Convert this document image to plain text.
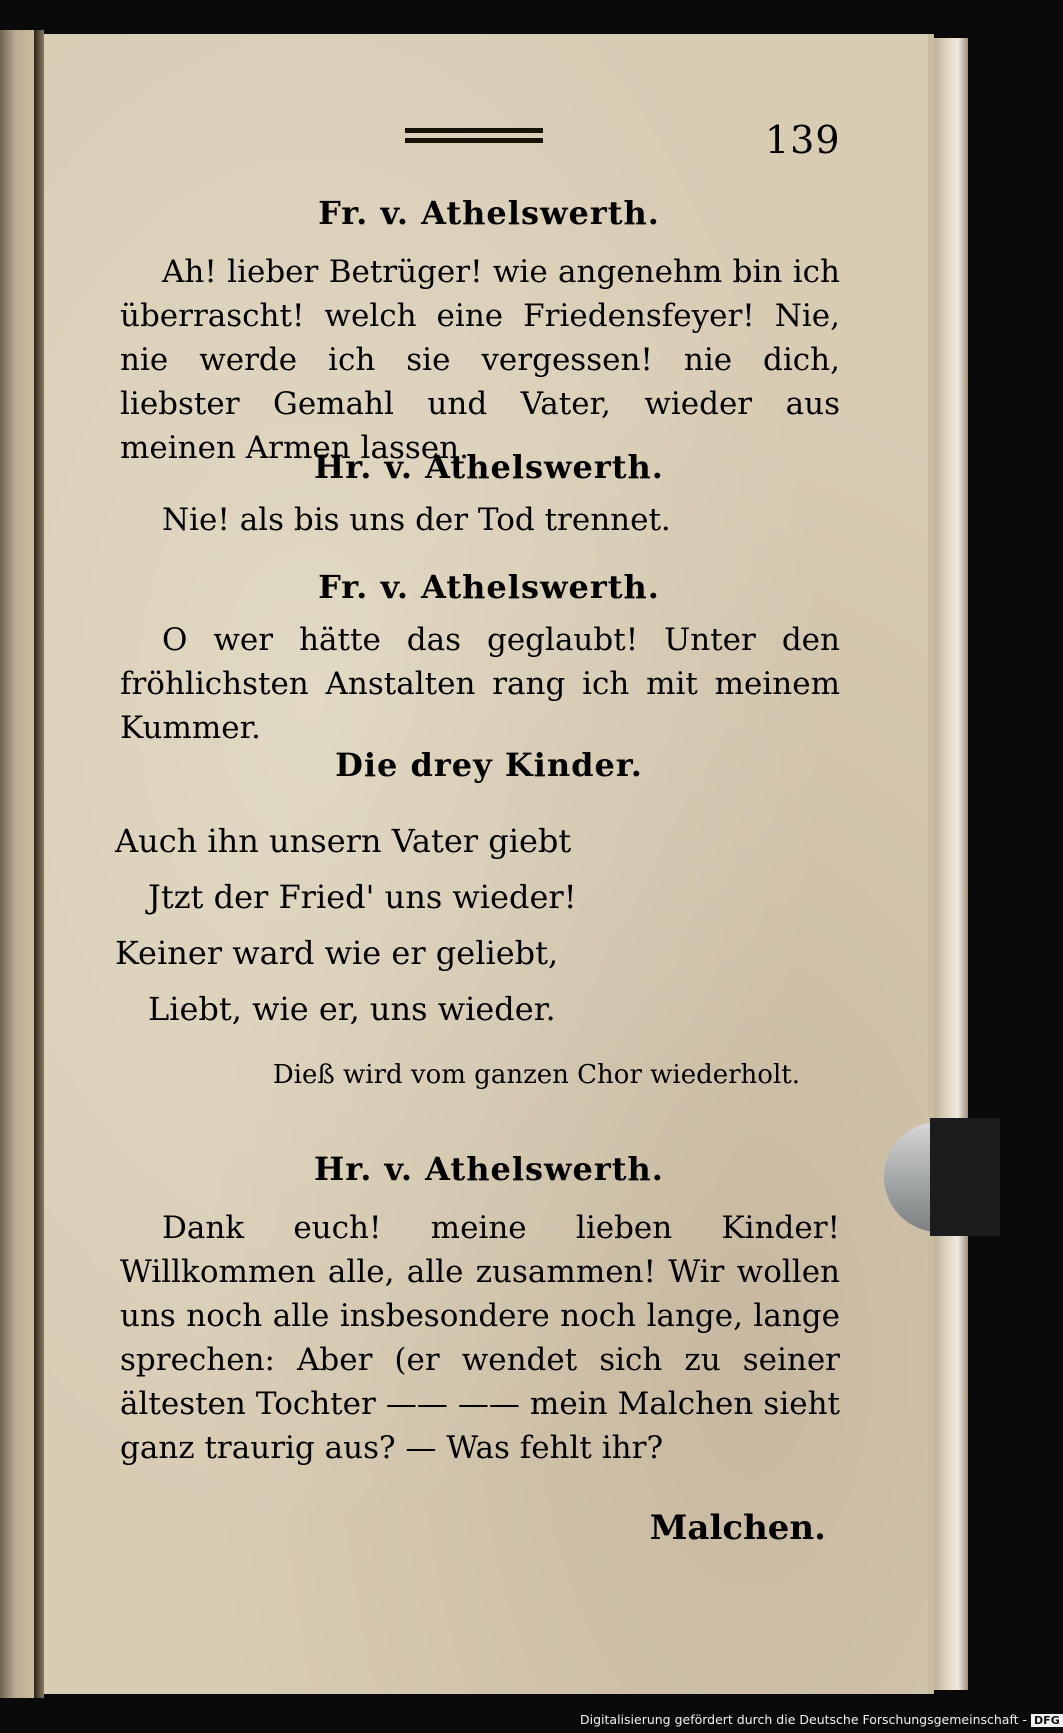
139
Fr. v. Athelswerth.

Ah! lieber Betrüger! wie angenehm bin ich überrascht! welch eine Friedensfeyer! Nie, nie werde ich sie vergessen! nie dich, liebster Gemahl und Vater, wieder aus meinen Armen lassen.

Hr. v. Athelswerth.

Nie! als bis uns der Tod trennet.

Fr. v. Athelswerth.

O wer hätte das geglaubt! Unter den fröhlichsten Anstalten rang ich mit meinem Kummer.

Die drey Kinder.
Auch ihn unsern Vater giebt
Jtzt der Fried' uns wieder!
Keiner ward wie er geliebt,
Liebt, wie er, uns wieder.
Dieß wird vom ganzen Chor wiederholt.
Hr. v. Athelswerth.

Dank euch! meine lieben Kinder! Willkommen alle, alle zusammen! Wir wollen uns noch alle insbesondere noch lange, lange sprechen: Aber (er wendet sich zu seiner ältesten Tochter —— —— mein Malchen sieht ganz traurig aus? — Was fehlt ihr?

Malchen.
Digitalisierung gefördert durch die Deutsche Forschungsgemeinschaft - DFG
